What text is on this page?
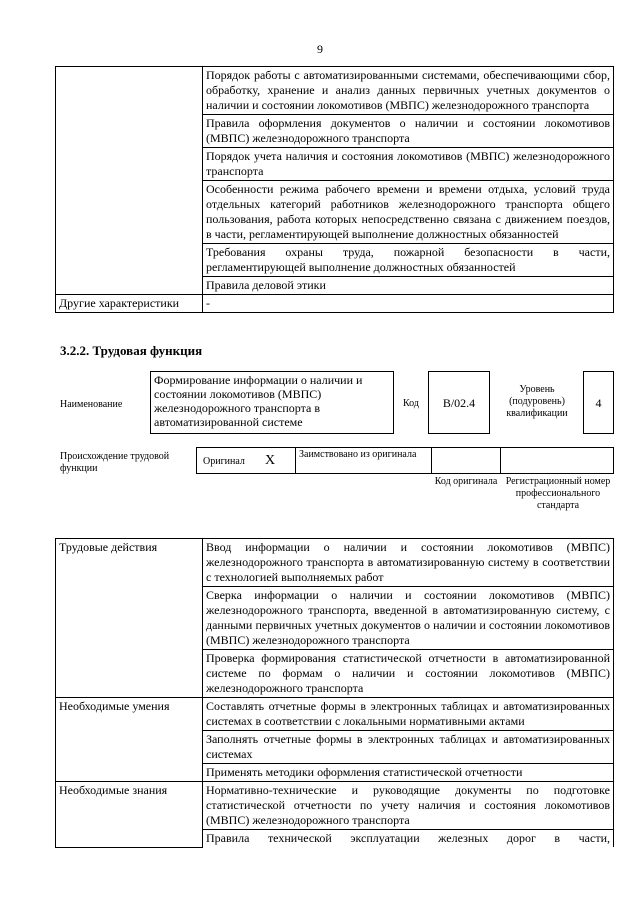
9
	Порядок работы с автоматизированными системами, обеспечивающими сбор, обработку, хранение и анализ данных первичных учетных документов о наличии и состоянии локомотивов (МВПС) железнодорожного транспорта
	Правила оформления документов о наличии и состоянии локомотивов (МВПС) железнодорожного транспорта
	Порядок учета наличия и состояния локомотивов (МВПС) железнодорожного транспорта
	Особенности режима рабочего времени и времени отдыха, условий труда отдельных категорий работников железнодорожного транспорта общего пользования, работа которых непосредственно связана с движением поездов, в части, регламентирующей выполнение должностных обязанностей
	Требования охраны труда, пожарной безопасности в части, регламентирующей выполнение должностных обязанностей
	Правила деловой этики
Другие характеристики	-
3.2.2. Трудовая функция
Наименование
Формирование информации о наличии и состоянии локомотивов (МВПС) железнодорожного транспорта в автоматизированной системе
Код B/02.4
Уровень (подуровень) квалификации
4
Происхождение трудовой функции
Оригинал X Заимствовано из оригинала
Код оригинала Регистрационный номер профессионального стандарта
Трудовые действия	Ввод информации о наличии и состоянии локомотивов (МВПС) железнодорожного транспорта в автоматизированную систему в соответствии с технологией выполняемых работ
	Сверка информации о наличии и состоянии локомотивов (МВПС) железнодорожного транспорта, введенной в автоматизированную систему, с данными первичных учетных документов о наличии и состоянии локомотивов (МВПС) железнодорожного транспорта
	Проверка формирования статистической отчетности в автоматизированной системе по формам о наличии и состоянии локомотивов (МВПС) железнодорожного транспорта
Необходимые умения	Составлять отчетные формы в электронных таблицах и автоматизированных системах в соответствии с локальными нормативными актами
	Заполнять отчетные формы в электронных таблицах и автоматизированных системах
	Применять методики оформления статистической отчетности
Необходимые знания	Нормативно-технические и руководящие документы по подготовке статистической отчетности по учету наличия и состояния локомотивов (МВПС) железнодорожного транспорта
	Правила технической эксплуатации железных дорог в части,
